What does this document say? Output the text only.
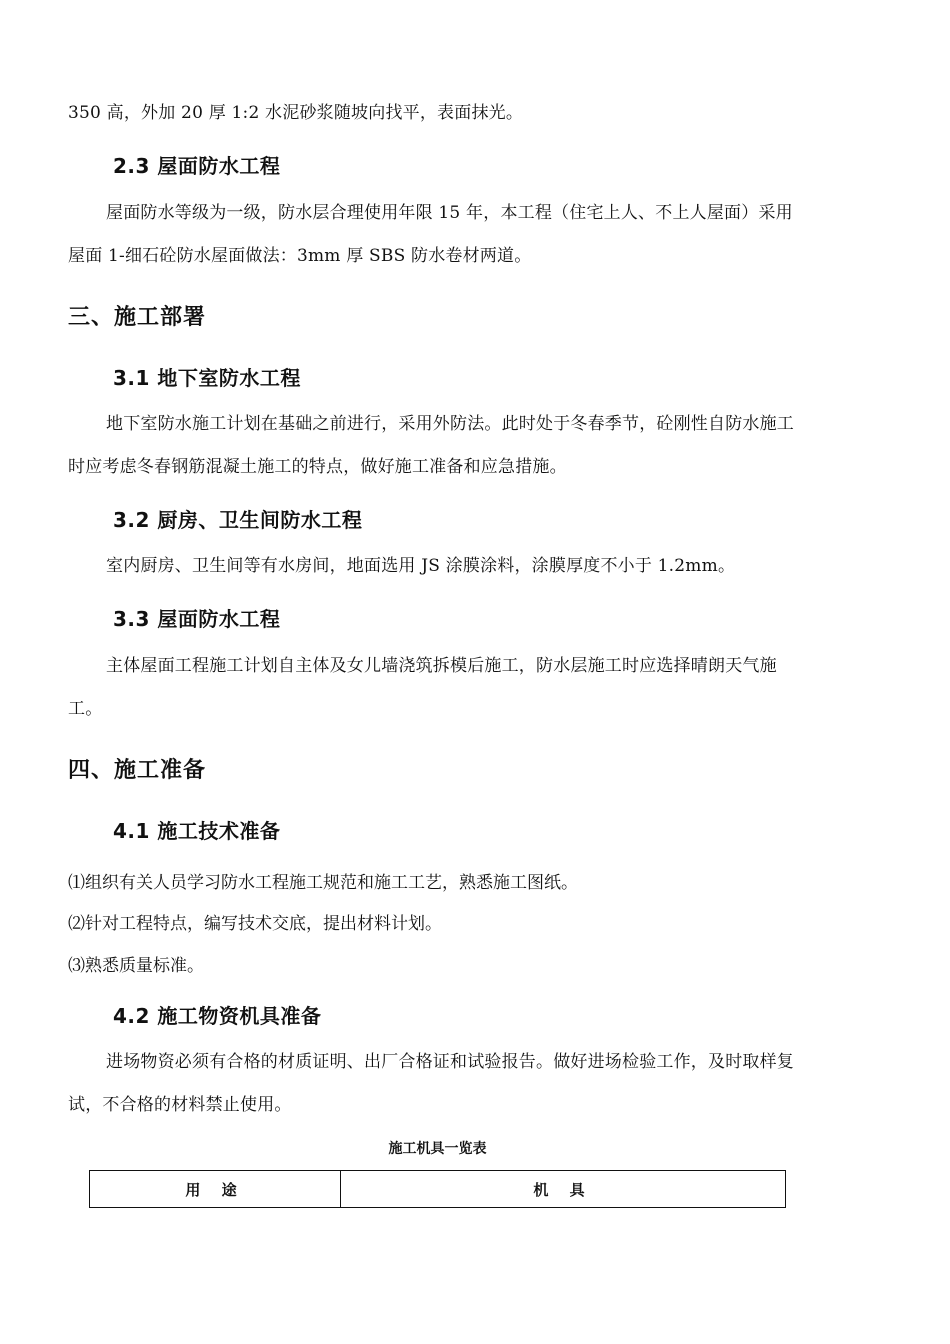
350 高，外加 20 厚 1:2 水泥砂浆随坡向找平，表面抹光。
2.3 屋面防水工程
屋面防水等级为一级，防水层合理使用年限 15 年，本工程（住宅上人、不上人屋面）采用屋面 1-细石砼防水屋面做法：3mm 厚 SBS 防水卷材两道。
三、施工部署
3.1 地下室防水工程
地下室防水施工计划在基础之前进行，采用外防法。此时处于冬春季节，砼刚性自防水施工时应考虑冬春钢筋混凝土施工的特点，做好施工准备和应急措施。
3.2 厨房、卫生间防水工程
室内厨房、卫生间等有水房间，地面选用 JS 涂膜涂料，涂膜厚度不小于 1.2mm。
3.3 屋面防水工程
主体屋面工程施工计划自主体及女儿墙浇筑拆模后施工，防水层施工时应选择晴朗天气施工。
四、施工准备
4.1 施工技术准备
⑴组织有关人员学习防水工程施工规范和施工工艺，熟悉施工图纸。
⑵针对工程特点，编写技术交底，提出材料计划。
⑶熟悉质量标准。
4.2 施工物资机具准备
进场物资必须有合格的材质证明、出厂合格证和试验报告。做好进场检验工作，及时取样复试，不合格的材料禁止使用。
施工机具一览表
用 途	机 具
